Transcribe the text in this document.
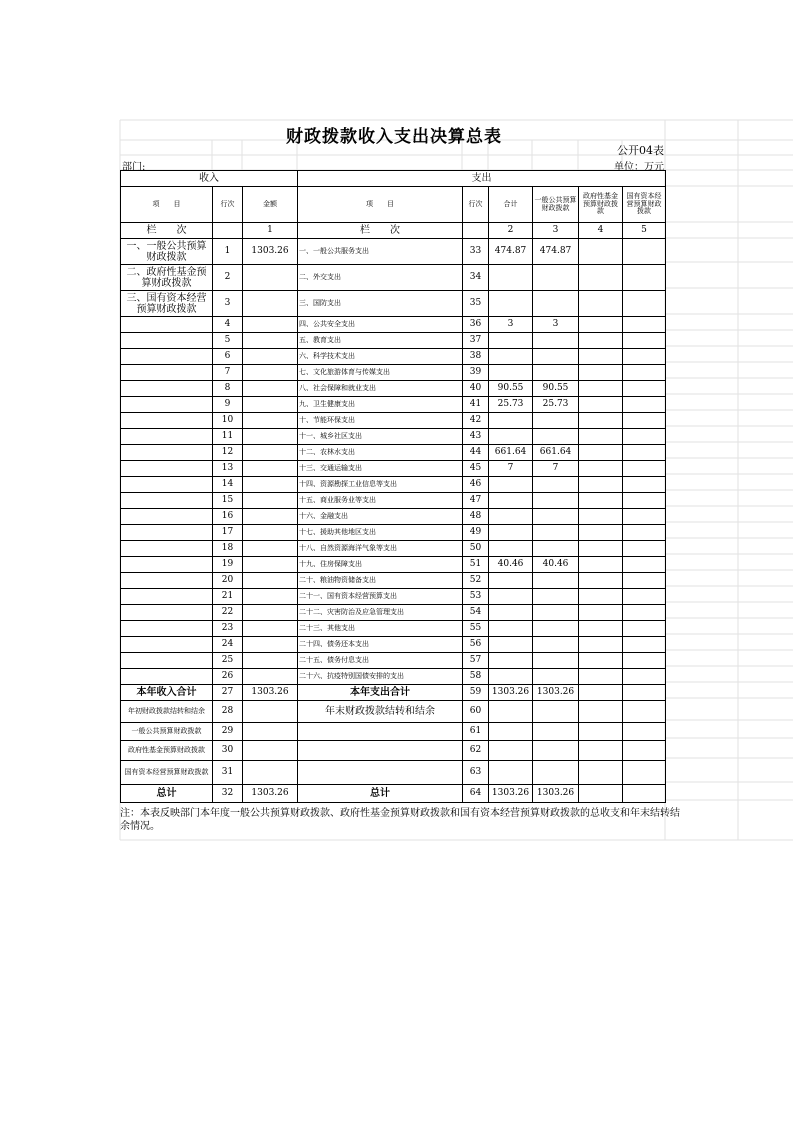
财政拨款收入支出决算总表
公开04表
部门:	单位：万元
收入			支出					
项　　目	行次	金额	项　　目	行次	合计	一般公共预算财政拨款	政府性基金预算财政拨款	国有资本经营预算财政拨款
栏　　次		1	栏　　次		2	3	4	5
一、一般公共预算财政拨款	1	1303.26	一、一般公共服务支出	33	474.87	474.87		
二、政府性基金预算财政拨款	2		二、外交支出	34				
三、国有资本经营预算财政拨款	3		三、国防支出	35				
	4		四、公共安全支出	36	3	3		
	5		五、教育支出	37				
	6		六、科学技术支出	38				
	7		七、文化旅游体育与传媒支出	39				
	8		八、社会保障和就业支出	40	90.55	90.55		
	9		九、卫生健康支出	41	25.73	25.73		
	10		十、节能环保支出	42				
	11		十一、城乡社区支出	43				
	12		十二、农林水支出	44	661.64	661.64		
	13		十三、交通运输支出	45	7	7		
	14		十四、资源勘探工业信息等支出	46				
	15		十五、商业服务业等支出	47				
	16		十六、金融支出	48				
	17		十七、援助其他地区支出	49				
	18		十八、自然资源海洋气象等支出	50				
	19		十九、住房保障支出	51	40.46	40.46		
	20		二十、粮油物资储备支出	52				
	21		二十一、国有资本经营预算支出	53				
	22		二十二、灾害防治及应急管理支出	54				
	23		二十三、其他支出	55				
	24		二十四、债务还本支出	56				
	25		二十五、债务付息支出	57				
	26		二十六、抗疫特别国债安排的支出	58				
本年收入合计	27	1303.26	本年支出合计	59	1303.26	1303.26		
年初财政拨款结转和结余	28		年末财政拨款结转和结余	60				
一般公共预算财政拨款	29			61				
政府性基金预算财政拨款	30			62				
国有资本经营预算财政拨款	31			63				
总计	32	1303.26	总计	64	1303.26	1303.26		
注：本表反映部门本年度一般公共预算财政拨款、政府性基金预算财政拨款和国有资本经营预算财政拨款的总收支和年末结转结余情况。
